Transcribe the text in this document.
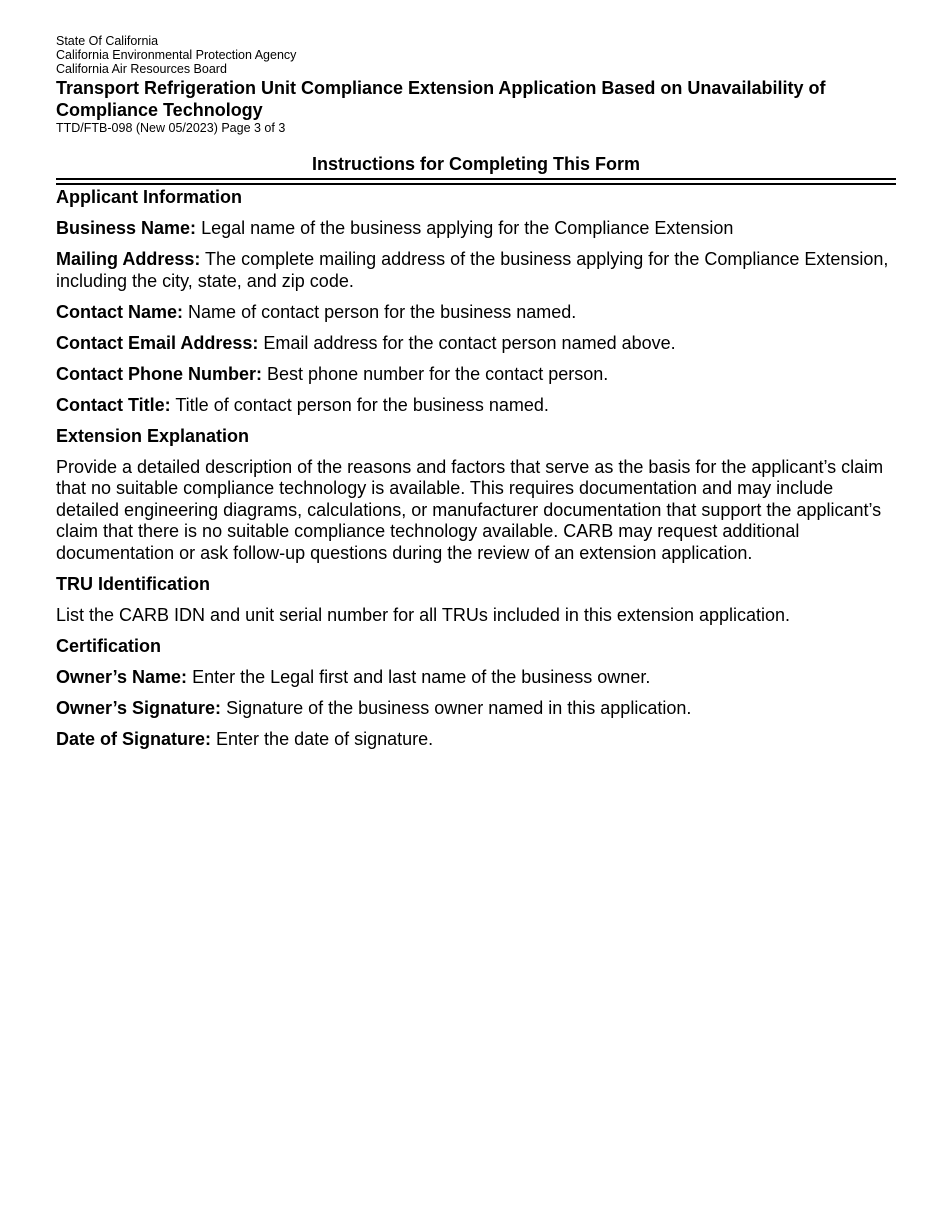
State Of California
California Environmental Protection Agency
California Air Resources Board
Transport Refrigeration Unit Compliance Extension Application Based on Unavailability of Compliance Technology
TTD/FTB-098 (New 05/2023) Page 3 of 3
Instructions for Completing This Form
Applicant Information
Business Name: Legal name of the business applying for the Compliance Extension
Mailing Address: The complete mailing address of the business applying for the Compliance Extension, including the city, state, and zip code.
Contact Name: Name of contact person for the business named.
Contact Email Address: Email address for the contact person named above.
Contact Phone Number: Best phone number for the contact person.
Contact Title: Title of contact person for the business named.
Extension Explanation
Provide a detailed description of the reasons and factors that serve as the basis for the applicant’s claim that no suitable compliance technology is available. This requires documentation and may include detailed engineering diagrams, calculations, or manufacturer documentation that support the applicant’s claim that there is no suitable compliance technology available. CARB may request additional documentation or ask follow-up questions during the review of an extension application.
TRU Identification
List the CARB IDN and unit serial number for all TRUs included in this extension application.
Certification
Owner’s Name: Enter the Legal first and last name of the business owner.
Owner’s Signature: Signature of the business owner named in this application.
Date of Signature: Enter the date of signature.
